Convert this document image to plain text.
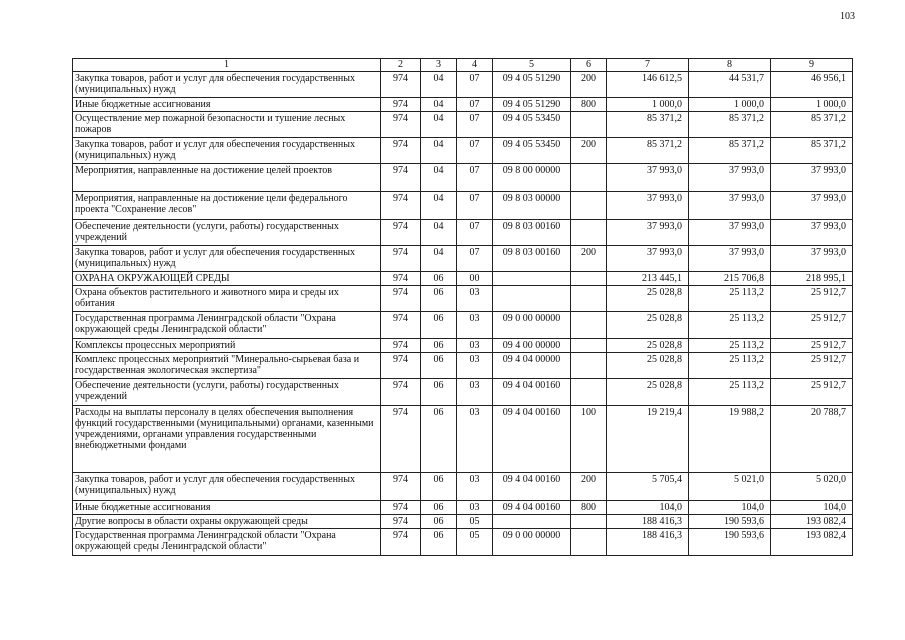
103
1	2	3	4	5	6	7	8	9
Закупка товаров, работ и услуг для обеспечения государственных (муниципальных) нужд	974	04	07	09 4 05 51290	200	146 612,5	44 531,7	46 956,1
Иные бюджетные ассигнования	974	04	07	09 4 05 51290	800	1 000,0	1 000,0	1 000,0
Осуществление мер пожарной безопасности и тушение лесных пожаров	974	04	07	09 4 05 53450		85 371,2	85 371,2	85 371,2
Закупка товаров, работ и услуг для обеспечения государственных (муниципальных) нужд	974	04	07	09 4 05 53450	200	85 371,2	85 371,2	85 371,2
Мероприятия, направленные на достижение целей проектов	974	04	07	09 8 00 00000		37 993,0	37 993,0	37 993,0
Мероприятия, направленные на достижение цели федерального проекта "Сохранение лесов"	974	04	07	09 8 03 00000		37 993,0	37 993,0	37 993,0
Обеспечение деятельности (услуги, работы) государственных учреждений	974	04	07	09 8 03 00160		37 993,0	37 993,0	37 993,0
Закупка товаров, работ и услуг для обеспечения государственных (муниципальных) нужд	974	04	07	09 8 03 00160	200	37 993,0	37 993,0	37 993,0
ОХРАНА ОКРУЖАЮЩЕЙ СРЕДЫ	974	06	00			213 445,1	215 706,8	218 995,1
Охрана объектов растительного и животного мира и среды их обитания	974	06	03			25 028,8	25 113,2	25 912,7
Государственная программа Ленинградской области "Охрана окружающей среды Ленинградской области"	974	06	03	09 0 00 00000		25 028,8	25 113,2	25 912,7
Комплексы процессных мероприятий	974	06	03	09 4 00 00000		25 028,8	25 113,2	25 912,7
Комплекс процессных мероприятий "Минерально-сырьевая база и государственная экологическая экспертиза"	974	06	03	09 4 04 00000		25 028,8	25 113,2	25 912,7
Обеспечение деятельности (услуги, работы) государственных учреждений	974	06	03	09 4 04 00160		25 028,8	25 113,2	25 912,7
Расходы на выплаты персоналу в целях обеспечения выполнения функций государственными (муниципальными) органами, казенными учреждениями, органами управления государственными внебюджетными фондами	974	06	03	09 4 04 00160	100	19 219,4	19 988,2	20 788,7
Закупка товаров, работ и услуг для обеспечения государственных (муниципальных) нужд	974	06	03	09 4 04 00160	200	5 705,4	5 021,0	5 020,0
Иные бюджетные ассигнования	974	06	03	09 4 04 00160	800	104,0	104,0	104,0
Другие вопросы в области охраны окружающей среды	974	06	05			188 416,3	190 593,6	193 082,4
Государственная программа Ленинградской области "Охрана окружающей среды Ленинградской области"	974	06	05	09 0 00 00000		188 416,3	190 593,6	193 082,4
